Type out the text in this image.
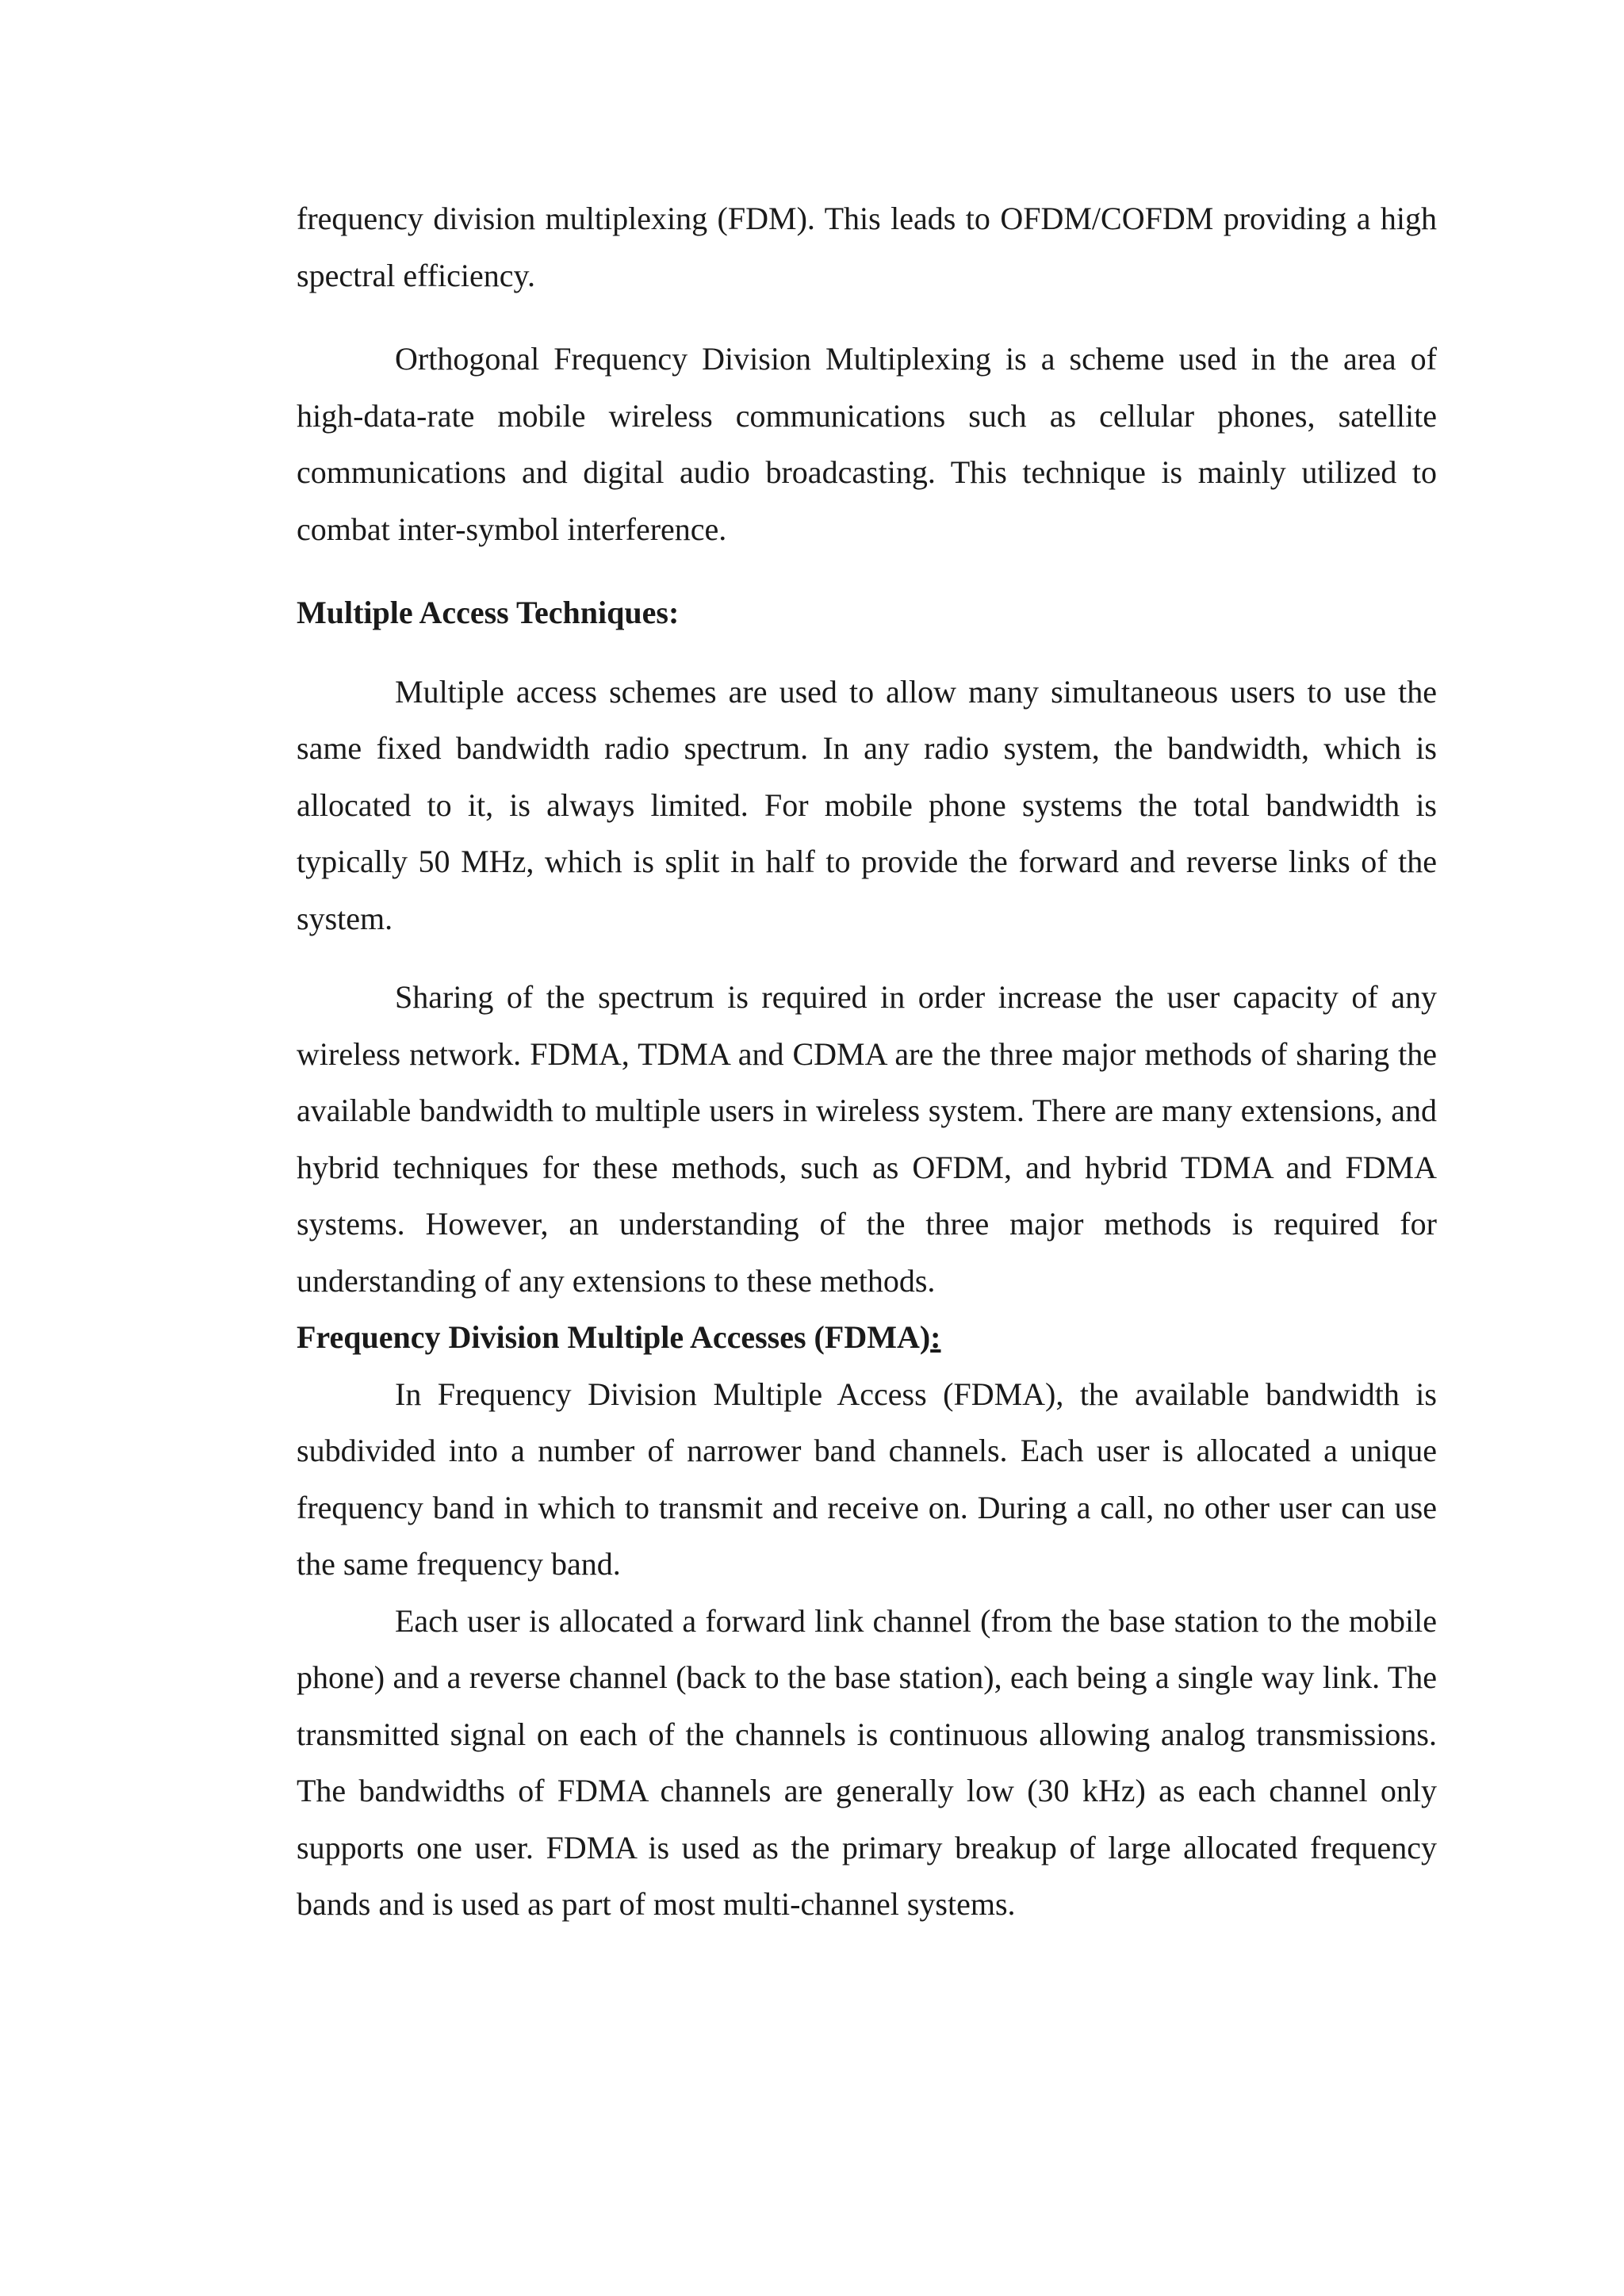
frequency division multiplexing (FDM). This leads to OFDM/COFDM providing a high spectral efficiency.

Orthogonal Frequency Division Multiplexing is a scheme used in the area of high-data-rate mobile wireless communications such as cellular phones, satellite communications and digital audio broadcasting. This technique is mainly utilized to combat inter-symbol interference.

Multiple Access Techniques:

Multiple access schemes are used to allow many simultaneous users to use the same fixed bandwidth radio spectrum. In any radio system, the bandwidth, which is allocated to it, is always limited. For mobile phone systems the total bandwidth is typically 50 MHz, which is split in half to provide the forward and reverse links of the system.

Sharing of the spectrum is required in order increase the user capacity of any wireless network. FDMA, TDMA and CDMA are the three major methods of sharing the available bandwidth to multiple users in wireless system. There are many extensions, and hybrid techniques for these methods, such as OFDM, and hybrid TDMA and FDMA systems. However, an understanding of the three major methods is required for understanding of any extensions to these methods.

Frequency Division Multiple Accesses (FDMA):

In Frequency Division Multiple Access (FDMA), the available bandwidth is subdivided into a number of narrower band channels. Each user is allocated a unique frequency band in which to transmit and receive on. During a call, no other user can use the same frequency band.

Each user is allocated a forward link channel (from the base station to the mobile phone) and a reverse channel (back to the base station), each being a single way link. The transmitted signal on each of the channels is continuous allowing analog transmissions. The bandwidths of FDMA channels are generally low (30 kHz) as each channel only supports one user. FDMA is used as the primary breakup of large allocated frequency bands and is used as part of most multi-channel systems.
